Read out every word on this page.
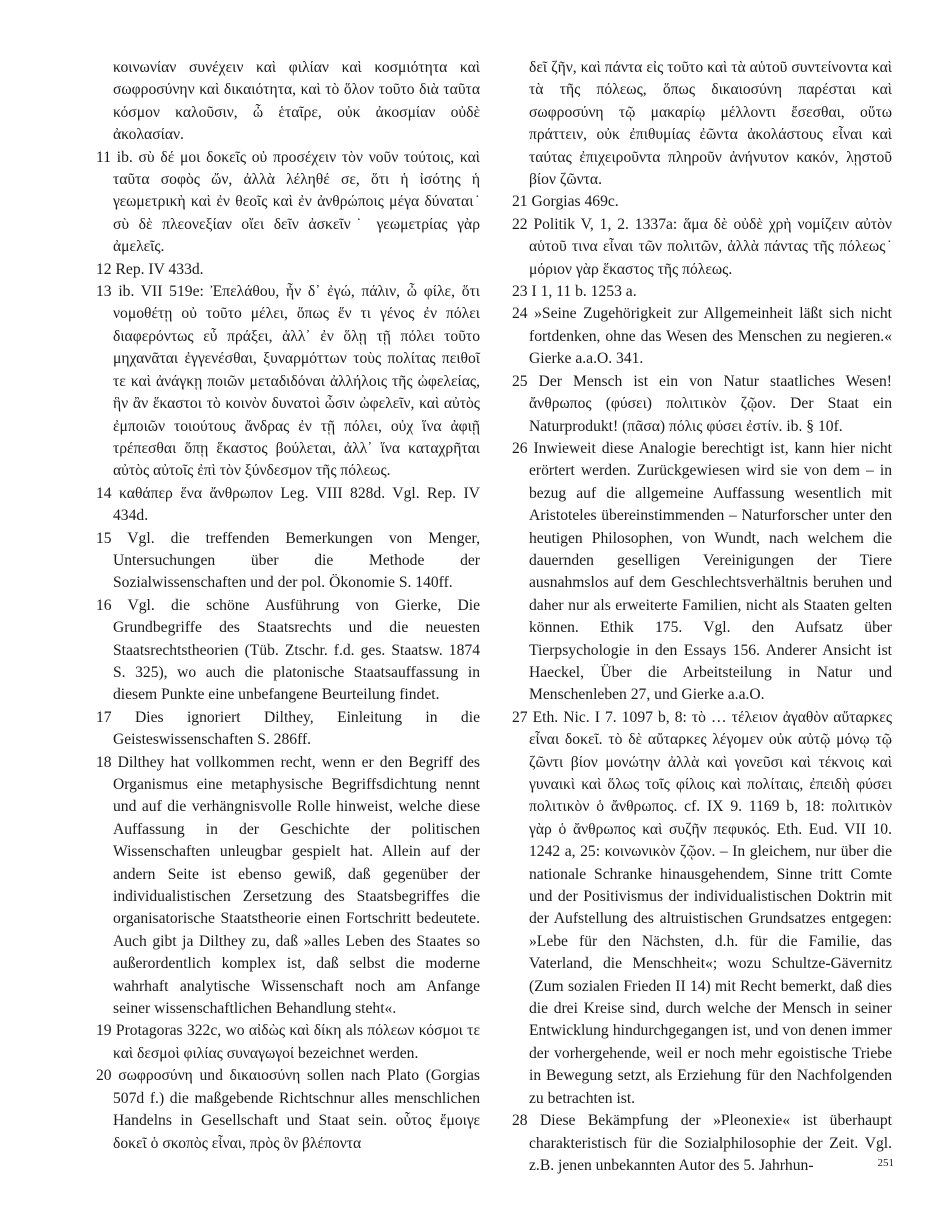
κοινωνίαν συνέχειν καὶ φιλίαν καὶ κοσμιότητα καὶ σωφροσύνην καὶ δικαιότητα, καὶ τὸ ὅλον τοῦτο διὰ ταῦτα κόσμον καλοῦσιν, ὦ ἑταῖρε, οὐκ ἀκοσμίαν οὐδὲ ἀκολασίαν.

11 ib. σὺ δέ μοι δοκεῖς οὐ προσέχειν τὸν νοῦν τούτοις, καὶ ταῦτα σοφὸς ὤν, ἀλλὰ λέληθέ σε, ὅτι ἡ ἰσότης ἡ γεωμετρικὴ καὶ ἐν θεοῖς καὶ ἐν ἀνθρώποις μέγα δύναται˙ σὺ δὲ πλεονεξίαν οἴει δεῖν ἀσκεῖν˙ γεωμετρίας γὰρ ἀμελεῖς.

12 Rep. IV 433d.

13 ib. VII 519e: Ἐπελάθου, ἦν δ᾽ ἐγώ, πάλιν, ὦ φίλε, ὅτι νομοθέτῃ οὐ τοῦτο μέλει, ὅπως ἕν τι γένος ἐν πόλει διαφερόντως εὖ πράξει, ἀλλ᾽ ἐν ὅλῃ τῇ πόλει τοῦτο μηχανᾶται ἐγγενέσθαι, ξυναρμόττων τοὺς πολίτας πειθοῖ τε καὶ ἀνάγκῃ ποιῶν μεταδιδόναι ἀλλήλοις τῆς ὠφελείας, ἣν ἂν ἕκαστοι τὸ κοινὸν δυνατοὶ ὦσιν ὠφελεῖν, καὶ αὐτὸς ἐμποιῶν τοιούτους ἄνδρας ἐν τῇ πόλει, οὐχ ἵνα ἀφιῇ τρέπεσθαι ὅπῃ ἕκαστος βούλεται, ἀλλ᾽ ἵνα καταχρῆται αὐτὸς αὐτοῖς ἐπὶ τὸν ξύνδεσμον τῆς πόλεως.

14 καθάπερ ἕνα ἄνθρωπον Leg. VIII 828d. Vgl. Rep. IV 434d.

15 Vgl. die treffenden Bemerkungen von Menger, Untersuchungen über die Methode der Sozialwissenschaften und der pol. Ökonomie S. 140ff.

16 Vgl. die schöne Ausführung von Gierke, Die Grundbegriffe des Staatsrechts und die neuesten Staatsrechtstheorien (Tüb. Ztschr. f.d. ges. Staatsw. 1874 S. 325), wo auch die platonische Staatsauffassung in diesem Punkte eine unbefangene Beurteilung findet.

17 Dies ignoriert Dilthey, Einleitung in die Geisteswissenschaften S. 286ff.

18 Dilthey hat vollkommen recht, wenn er den Begriff des Organismus eine metaphysische Begriffsdichtung nennt und auf die verhängnisvolle Rolle hinweist, welche diese Auffassung in der Geschichte der politischen Wissenschaften unleugbar gespielt hat. Allein auf der andern Seite ist ebenso gewiß, daß gegenüber der individualistischen Zersetzung des Staatsbegriffes die organisatorische Staatstheorie einen Fortschritt bedeutete. Auch gibt ja Dilthey zu, daß »alles Leben des Staates so außerordentlich komplex ist, daß selbst die moderne wahrhaft analytische Wissenschaft noch am Anfange seiner wissenschaftlichen Behandlung steht«.

19 Protagoras 322c, wo αἰδὼς καὶ δίκη als πόλεων κόσμοι τε καὶ δεσμοὶ φιλίας συναγωγοί bezeichnet werden.

20 σωφροσύνη und δικαιοσύνη sollen nach Plato (Gorgias 507d f.) die maßgebende Richtschnur alles menschlichen Handelns in Gesellschaft und Staat sein. οὗτος ἔμοιγε δοκεῖ ὁ σκοπὸς εἶναι, πρὸς ὃν βλέποντα

δεῖ ζῆν, καὶ πάντα εἰς τοῦτο καὶ τὰ αὑτοῦ συντείνοντα καὶ τὰ τῆς πόλεως, ὅπως δικαιοσύνη παρέσται καὶ σωφροσύνη τῷ μακαρίῳ μέλλοντι ἔσεσθαι, οὕτω πράττειν, οὐκ ἐπιθυμίας ἐῶντα ἀκολάστους εἶναι καὶ ταύτας ἐπιχειροῦντα πληροῦν ἀνήνυτον κακόν, λῃστοῦ βίον ζῶντα.

21 Gorgias 469c.

22 Politik V, 1, 2. 1337a: ἅμα δὲ οὐδὲ χρὴ νομίζειν αὐτὸν αὑτοῦ τινα εἶναι τῶν πολιτῶν, ἀλλὰ πάντας τῆς πόλεως˙ μόριον γὰρ ἕκαστος τῆς πόλεως.

23 I 1, 11 b. 1253 a.

24 »Seine Zugehörigkeit zur Allgemeinheit läßt sich nicht fortdenken, ohne das Wesen des Menschen zu negieren.« Gierke a.a.O. 341.

25 Der Mensch ist ein von Natur staatliches Wesen! ἄνθρωπος (φύσει) πολιτικὸν ζῷον. Der Staat ein Naturprodukt! (πᾶσα) πόλις φύσει ἐστίν. ib. § 10f.

26 Inwieweit diese Analogie berechtigt ist, kann hier nicht erörtert werden. Zurückgewiesen wird sie von dem – in bezug auf die allgemeine Auffassung wesentlich mit Aristoteles übereinstimmenden – Naturforscher unter den heutigen Philosophen, von Wundt, nach welchem die dauernden geselligen Vereinigungen der Tiere ausnahmslos auf dem Geschlechtsverhältnis beruhen und daher nur als erweiterte Familien, nicht als Staaten gelten können. Ethik 175. Vgl. den Aufsatz über Tierpsychologie in den Essays 156. Anderer Ansicht ist Haeckel, Über die Arbeitsteilung in Natur und Menschenleben 27, und Gierke a.a.O.

27 Eth. Nic. I 7. 1097 b, 8: τὸ … τέλειον ἀγαθὸν αὔταρκες εἶναι δοκεῖ. τὸ δὲ αὔταρκες λέγομεν οὐκ αὐτῷ μόνῳ τῷ ζῶντι βίον μονώτην ἀλλὰ καὶ γονεῦσι καὶ τέκνοις καὶ γυναικὶ καὶ ὅλως τοῖς φίλοις καὶ πολίταις, ἐπειδὴ φύσει πολιτικὸν ὁ ἄνθρωπος. cf. IX 9. 1169 b, 18: πολιτικὸν γὰρ ὁ ἄνθρωπος καὶ συζῆν πεφυκός. Eth. Eud. VII 10. 1242 a, 25: κοινωνικὸν ζῷον. – In gleichem, nur über die nationale Schranke hinausgehendem, Sinne tritt Comte und der Positivismus der individualistischen Doktrin mit der Aufstellung des altruistischen Grundsatzes entgegen: »Lebe für den Nächsten, d.h. für die Familie, das Vaterland, die Menschheit«; wozu Schultze-Gävernitz (Zum sozialen Frieden II 14) mit Recht bemerkt, daß dies die drei Kreise sind, durch welche der Mensch in seiner Entwicklung hindurchgegangen ist, und von denen immer der vorhergehende, weil er noch mehr egoistische Triebe in Bewegung setzt, als Erziehung für den Nachfolgenden zu betrachten ist.

28 Diese Bekämpfung der »Pleonexie« ist überhaupt charakteristisch für die Sozialphilosophie der Zeit. Vgl. z.B. jenen unbekannten Autor des 5. Jahrhun-	251
